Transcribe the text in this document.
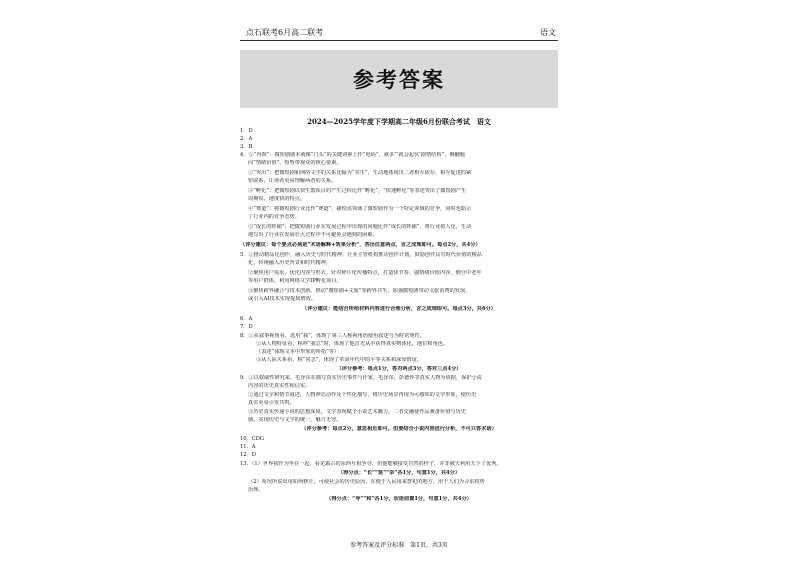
点石联考6月高二联考	语文
参考答案
2024—2025学年度下学期高二年级6月份联合考试　语文
1．D
2．A
3．B
4．①“内饰”：微短剧剧本就像“门头”的关键词素上作“电码”，就多“‘就会起伏’剧情结构”，侧翻题
向“情绪价值”，短暂带观众的核心要素。
②“突出”：把微短剧和网络文学的关系比喻为“共生”，生动地体现出二者相互依存、相互促进的紧
密联系，让读者更易理解两者的关系。
③“孵化”：把微短剧以快生散项目的产生过程比作“孵化”，“快速孵化”等表述突出了微短剧产生
周期短、速度快的特点。
④“赛道”：将微短剧行业比作“赛道”，描绘该领域了微短剧作为一个特定领域的竞争，同时也暗示
了行业内的竞争态势。
⑤“成长的阵痛”：把微短剧行业在发展过程中出现的问题比作“成长的阵痛”，将行业拟人化，生动
地写出了行业在发展壮大过程中不可避免会遇到的困难。
（评分建议：每个要点必须是“术语解释+效果分析”，答出任意两点，言之成理即可。每点2分，共4分）
5．①推动精品化创作，融入历史与时代精神。行业主管机构推动创作计划，鼓励创作具有时代价值的精品
化，传统融入历史背景和时代精神。
②聚焦用户需求，优化内容与形式。针对碎片化传播特点，打造快节奏、强情绪价值内容，细分中老年
等用户群体，利用网络文学IP孵化项目。
③聚焦跨界融合与技术创新。推动“微短剧+文旅”等跨界共生，加强微短剧带动文旅消费的发展，
或引入AI技术实现提质增效。
（评分建议：能结合所给材料内容进行合理分析，言之成理即可。每点3分，共6分）
6．A
7．D
8．①从叙事视角看，选用“我”，体现了第三人称视角而使用叙述与为时常规性。
②从人物特征看，称呼“我总”时，体现了他首先从中获得真实物体化，地位和角色。
（表述“体现文本中形象的所指”等）
③从人际关系看，称“同志”，体现了革命年代中的平等关系和深厚情谊。
（评分参考：每点1分，答对两点3分，答对三点4分）
9．①以权威性研究来，毛泽东在描写真实历史事件与作家，毛泽东、彭德怀等真实人物为依据，保护小说
内容的历史真实性和信实。
②通过文字和情节叙述，人物神态动作及个性化描写，将历史场景再现为可感知的文学形象，使历史
真实更易引发共鸣。
③历史真实传递小说的思想深度，文学表现赋予小说艺术魅力，二者交融使作品兼备价值与历史
感，实现历史与文学的统一，魅力无穷。
（评分参考：每点2分，意思相近即可。但要结合小说内容进行分析，不可只答术语）
10．CDG
11．A
12．D
13．（1）世界我作为坐在一起，看见霸占的东西互相争夺，但他能够接受自然的样子，并非被天利用天下了优秀。
（得分点：“长”“惩”“幸”各1分，句意1分，共4分）
（2）荀况所说出用如何修正，可使社会的历史原因，在便于人民用来祭祀的地方，用于人们为寻求权势
治理。
（得分点：“导”“和”各1分，状语前置1分，句意1分，共4分）
参考答案及评分标准　第1页，共3页
